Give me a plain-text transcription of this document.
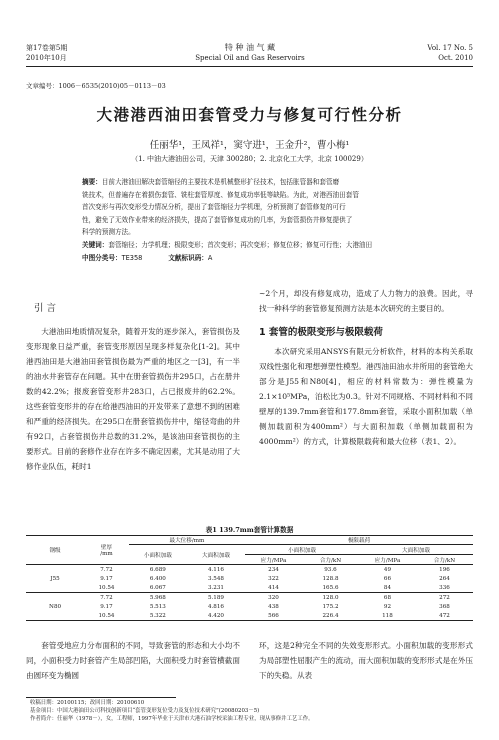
第17卷第5期
2010年10月
特 种 油 气 藏
Special Oil and Gas Reservoirs
Vol. 17 No. 5
Oct. 2010
文章编号：1006－6535(2010)05－0113－03
大港港西油田套管受力与修复可行性分析
任丽华¹，王凤祥¹，窦守进¹，王金升²，曹小梅¹
（1. 中油大港油田公司，天津 300280；2. 北京化工大学，北京 100029）
摘要：目前大港油田解决套管缩径的主要技术是机械整形扩径技术，包括胀管器和套管磨
铣技术，但普遍存在着损伤套管、铣柱套管厚度、修复成功率低等缺陷。为此，对港西油田套管
首次变形与再次变形受力情况分析，提出了套管缩径力学机理，分析预测了套管修复的可行
性，避免了无效作业带来的经济损失，提高了套管修复成功的几率，为套管损伤井修复提供了
科学的预测方法。
关键词：套管缩径；力学机理；极限变形；首次变形；再次变形；修复位移；修复可行性；大港油田
中图分类号：TE358	文献标识码：A
引 言

大港油田地质情况复杂，随着开发的逐步深入，套管损伤及变形现象日益严重，套管变形原因呈现多样复杂化[1-2]。其中港西油田是大港油田套管损伤最为严重的地区之一[3]，有一半的油水井套管存在问题。其中在册套管损伤井295口，占在册井数的42.2%；报废套管变形井283口，占已报废井的62.2%。这些套管变形井的存在给港西油田的开发带来了意想不到的困难和严重的经济损失。在295口在册套管损伤井中，缩径弯曲的井有92口，占套管损伤井总数的31.2%，是该油田套管损伤的主要形式。目前的套修作业存在许多不确定因素，尤其是动用了大修作业队伍，耗时1

~2个月，却没有修复成功，造成了人力物力的浪费。因此，寻找一种科学的套管修复预测方法是本次研究的主要目的。

1 套管的极限变形与极限载荷

本次研究采用ANSYS有限元分析软件，材料的本构关系取双线性强化和理想弹塑性模型。港西油田油水井所用的套管绝大部分是J55和N80[4]，相应的材料常数为：弹性模量为2.1×10⁵MPa，泊松比为0.3。针对不同规格、不同材料和不同壁厚的139.7mm套管和177.8mm套管，采取小面积加载（单侧加载面积为400mm²）与大面积加载（单侧加载面积为4000mm²）的方式，计算极限载荷和最大位移（表1、2）。

表1 139.7mm套管计算数据
钢级	壁厚
/mm	最大位移/mm		极限载荷			
		小面积加载	大面积加载	小面积加载		大面积加载	
				应力/MPa	合力/kN	应力/MPa	合力/kN

	7.72	6.689	4.116	234	93.6	49	196
J55	9.17	6.400	3.548	322	128.8	66	264
	10.54	6.067	3.231	414	165.6	84	336

	7.72	5.968	5.189	320	128.0	68	272
N80	9.17	5.513	4.816	438	175.2	92	368
	10.54	5.322	4.420	566	226.4	118	472

套管受地应力分布面积的不同，导致套管的形态和大小均不同，小面积受力时套管产生局部凹陷，大面积受力时套管横截面由圆环变为椭圆

环，这是2种完全不同的失效变形形式。小面积加载的变形形式为局部塑性屈服产生的流动，而大面积加载的变形形式是在外压下的失稳。从表

收稿日期：20100115；改回日期：20100610
基金项目：中国大港油田公司科技创新项目“套管变形复位受力及复位技术研究”(20080203－5)
作者简介：任丽华（1978－），女，工程师，1997年毕业于天津市大港石油学校采油工程专业，现从事修井工艺工作。
